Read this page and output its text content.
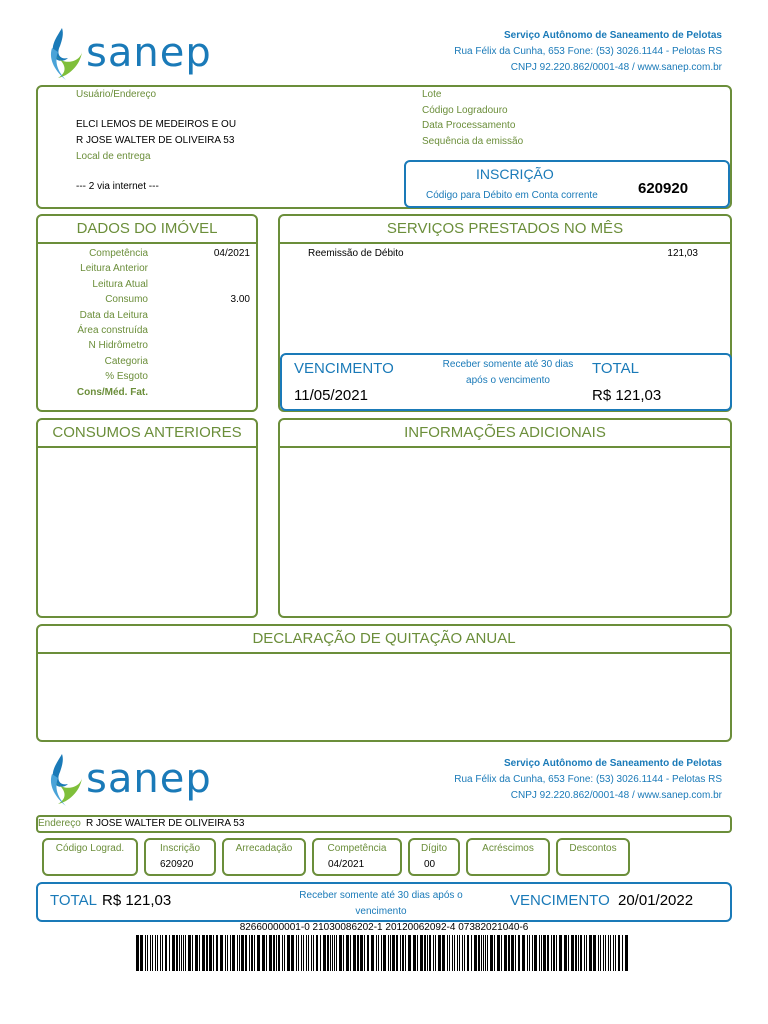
sanep	Serviço Autônomo de Saneamento de Pelotas
Rua Félix da Cunha, 653 Fone: (53) 3026.1144 - Pelotas RS
CNPJ 92.220.862/0001-48 / www.sanep.com.br
Usuário/Endereço
ELCI LEMOS DE MEDEIROS E OU
R JOSE WALTER DE OLIVEIRA 53
Local de entrega
--- 2 via internet ---
Lote
Código Logradouro
Data Processamento
Sequência da emissão
INSCRIÇÃO
Código para Débito em Conta corrente	620920
DADOS DO IMÓVEL
Competência	04/2021
Leitura Anterior
Leitura Atual
Consumo	3.00
Data da Leitura
Área construída
N Hidrômetro
Categoria
% Esgoto
Cons/Méd. Fat.
SERVIÇOS PRESTADOS NO MÊS
Reemissão de Débito	121,03
VENCIMENTO
11/05/2021
Receber somente até 30 dias após o vencimento
TOTAL
R$ 121,03
CONSUMOS ANTERIORES	INFORMAÇÕES ADICIONAIS
DECLARAÇÃO DE QUITAÇÃO ANUAL
sanep	Serviço Autônomo de Saneamento de Pelotas
Rua Félix da Cunha, 653 Fone: (53) 3026.1144 - Pelotas RS
CNPJ 92.220.862/0001-48 / www.sanep.com.br
Endereço R JOSE WALTER DE OLIVEIRA 53
Código Lograd.	Inscrição
620920
Arrecadação	Competência
04/2021
Dígito
00
Acréscimos	Descontos
TOTAL R$ 121,03	Receber somente até 30 dias após o vencimento
VENCIMENTO 20/01/2022
82660000001-0 21030086202-1 20120062092-4 07382021040-6
